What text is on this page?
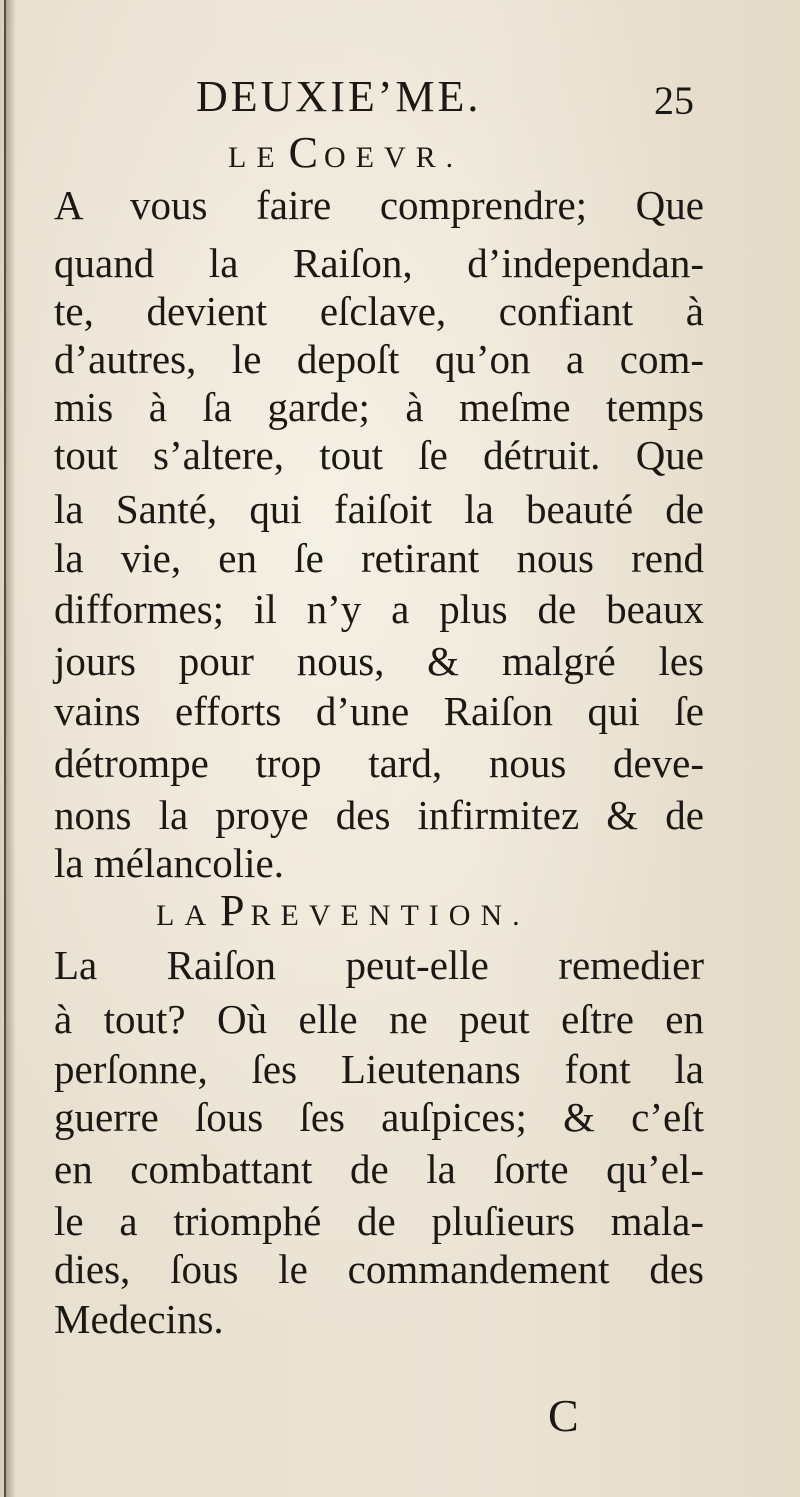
DEUXIE’ME.	25
LE COEVR.
A vous faire comprendre; Que
quand la Raiſon, d’independan-
te, devient eſclave, confiant à
d’autres, le depoſt qu’on a com-
mis à ſa garde; à meſme temps
tout s’altere, tout ſe détruit. Que
la Santé, qui faiſoit la beauté de
la vie, en ſe retirant nous rend
difformes; il n’y a plus de beaux
jours pour nous, & malgré les
vains efforts d’une Raiſon qui ſe
détrompe trop tard, nous deve-
nons la proye des infirmitez & de
la mélancolie.
LA PREVENTION.
La Raiſon peut-elle remedier
à tout? Où elle ne peut eſtre en
perſonne, ſes Lieutenans font la
guerre ſous ſes auſpices; & c’eſt
en combattant de la ſorte qu’el-
le a triomphé de pluſieurs mala-
dies, ſous le commandement des
Medecins.
C
